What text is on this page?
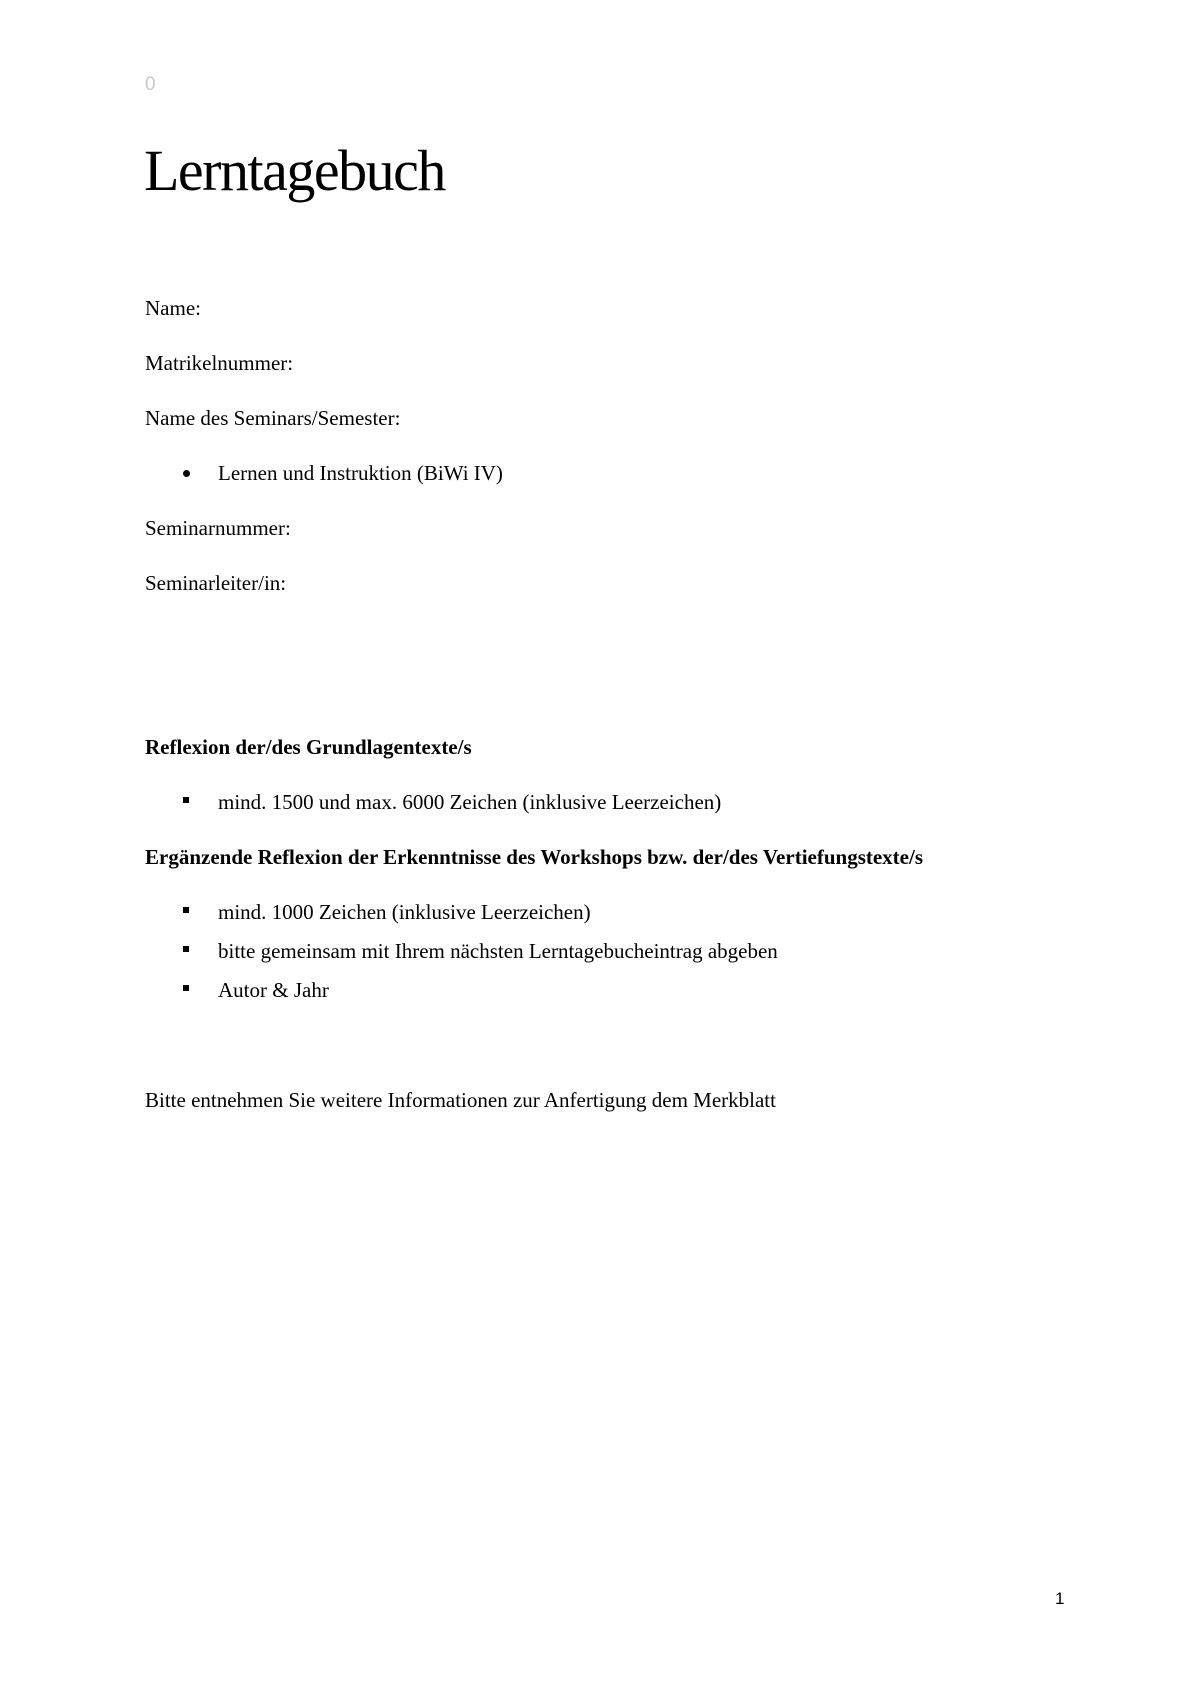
0
Lerntagebuch

Name:

Matrikelnummer:

Name des Seminars/Semester:

Lernen und Instruktion (BiWi IV)

Seminarnummer:

Seminarleiter/in:

Reflexion der/des Grundlagentexte/s

mind. 1500 und max. 6000 Zeichen (inklusive Leerzeichen)

Ergänzende Reflexion der Erkenntnisse des Workshops bzw. der/des Vertiefungstexte/s

mind. 1000 Zeichen (inklusive Leerzeichen)

bitte gemeinsam mit Ihrem nächsten Lerntagebucheintrag abgeben

Autor & Jahr

Bitte entnehmen Sie weitere Informationen zur Anfertigung dem Merkblatt

1
